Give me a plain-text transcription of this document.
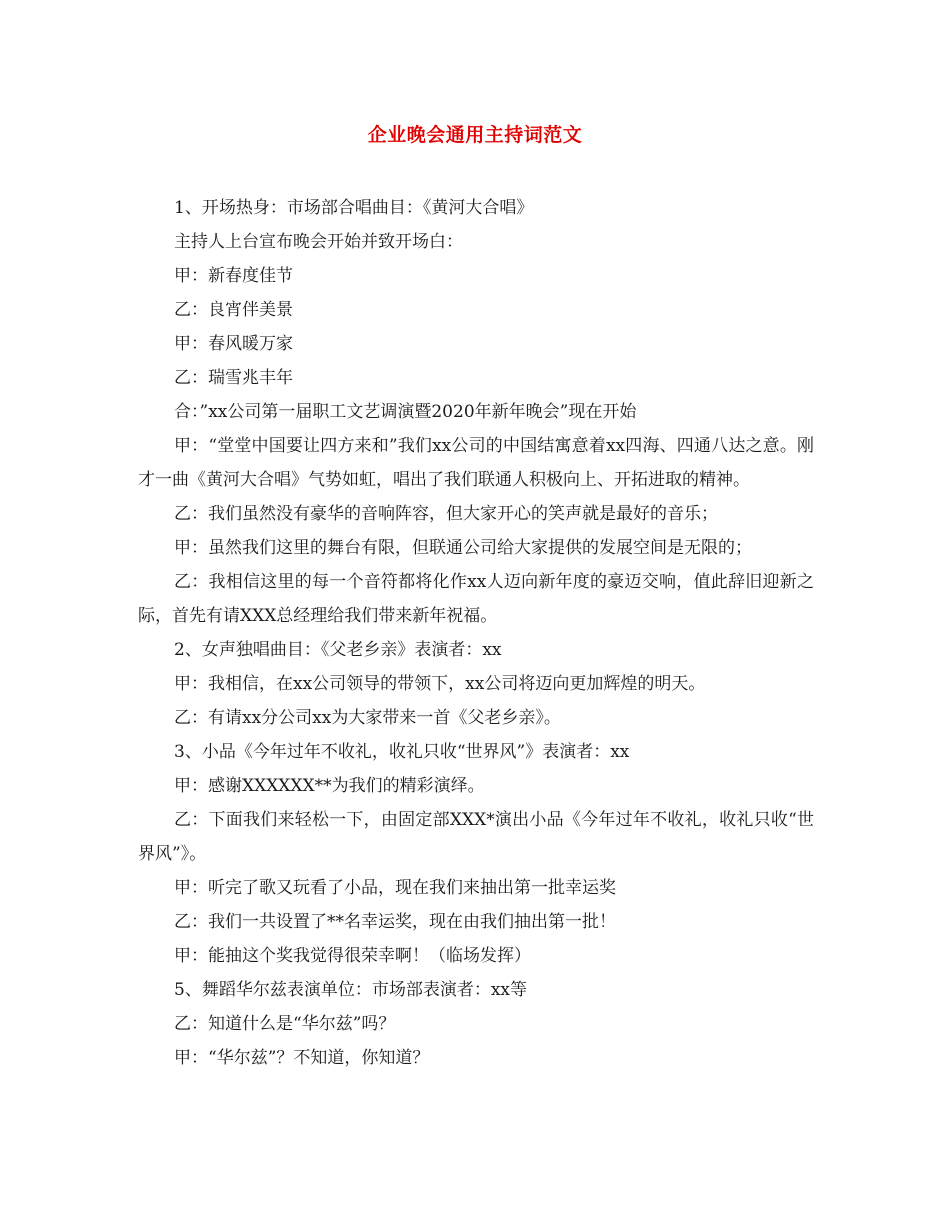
企业晚会通用主持词范文

1、开场热身：市场部合唱曲目：《黄河大合唱》

主持人上台宣布晚会开始并致开场白：

甲：新春度佳节

乙：良宵伴美景

甲：春风暖万家

乙：瑞雪兆丰年

合：”xx公司第一届职工文艺调演暨2020年新年晚会”现在开始

甲：“堂堂中国要让四方来和”我们xx公司的中国结寓意着xx四海、四通八达之意。刚才一曲《黄河大合唱》气势如虹，唱出了我们联通人积极向上、开拓进取的精神。

乙：我们虽然没有豪华的音响阵容，但大家开心的笑声就是最好的音乐；

甲：虽然我们这里的舞台有限，但联通公司给大家提供的发展空间是无限的；

乙：我相信这里的每一个音符都将化作xx人迈向新年度的豪迈交响，值此辞旧迎新之际，首先有请XXX总经理给我们带来新年祝福。

2、女声独唱曲目：《父老乡亲》表演者：xx

甲：我相信，在xx公司领导的带领下，xx公司将迈向更加辉煌的明天。

乙：有请xx分公司xx为大家带来一首《父老乡亲》。

3、小品《今年过年不收礼，收礼只收“世界风”》表演者：xx

甲：感谢XXXXXX**为我们的精彩演绎。

乙：下面我们来轻松一下，由固定部XXX*演出小品《今年过年不收礼，收礼只收“世界风”》。

甲：听完了歌又玩看了小品，现在我们来抽出第一批幸运奖

乙：我们一共设置了**名幸运奖，现在由我们抽出第一批！

甲：能抽这个奖我觉得很荣幸啊！（临场发挥）

5、舞蹈华尔兹表演单位：市场部表演者：xx等

乙：知道什么是“华尔兹”吗？

甲：“华尔兹”？不知道，你知道？
